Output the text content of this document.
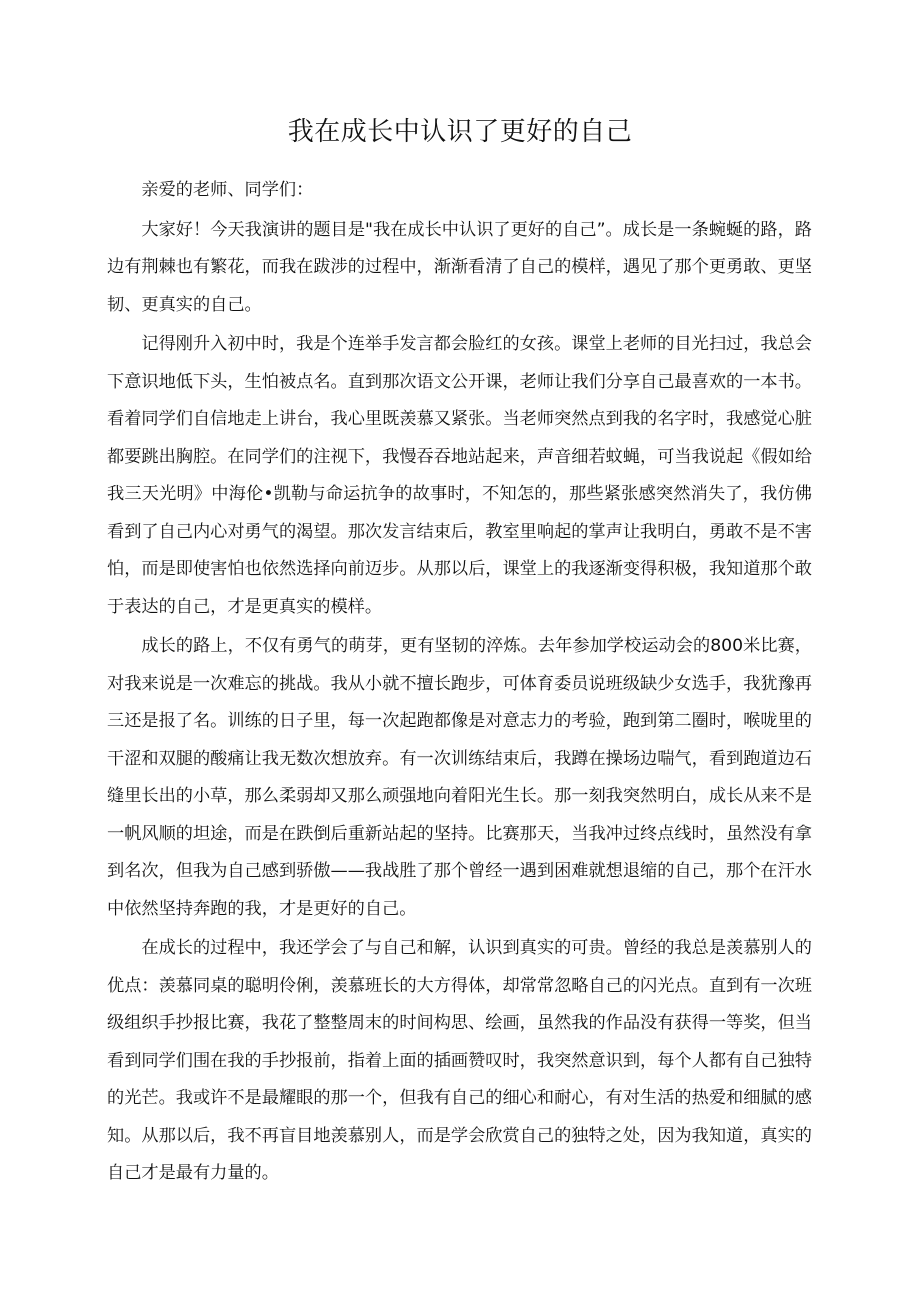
我在成长中认识了更好的自己

亲爱的老师、同学们：

大家好！今天我演讲的题目是"我在成长中认识了更好的自己”。成长是一条蜿蜒的路，路边有荆棘也有繁花，而我在跋涉的过程中，渐渐看清了自己的模样，遇见了那个更勇敢、更坚韧、更真实的自己。

记得刚升入初中时，我是个连举手发言都会脸红的女孩。课堂上老师的目光扫过，我总会下意识地低下头，生怕被点名。直到那次语文公开课，老师让我们分享自己最喜欢的一本书。看着同学们自信地走上讲台，我心里既羡慕又紧张。当老师突然点到我的名字时，我感觉心脏都要跳出胸腔。在同学们的注视下，我慢吞吞地站起来，声音细若蚊蝇，可当我说起《假如给我三天光明》中海伦•凯勒与命运抗争的故事时，不知怎的，那些紧张感突然消失了，我仿佛看到了自己内心对勇气的渴望。那次发言结束后，教室里响起的掌声让我明白，勇敢不是不害怕，而是即使害怕也依然选择向前迈步。从那以后，课堂上的我逐渐变得积极，我知道那个敢于表达的自己，才是更真实的模样。

成长的路上，不仅有勇气的萌芽，更有坚韧的淬炼。去年参加学校运动会的800米比赛，对我来说是一次难忘的挑战。我从小就不擅长跑步，可体育委员说班级缺少女选手，我犹豫再三还是报了名。训练的日子里，每一次起跑都像是对意志力的考验，跑到第二圈时，喉咙里的干涩和双腿的酸痛让我无数次想放弃。有一次训练结束后，我蹲在操场边喘气，看到跑道边石缝里长出的小草，那么柔弱却又那么顽强地向着阳光生长。那一刻我突然明白，成长从来不是一帆风顺的坦途，而是在跌倒后重新站起的坚持。比赛那天，当我冲过终点线时，虽然没有拿到名次，但我为自己感到骄傲——我战胜了那个曾经一遇到困难就想退缩的自己，那个在汗水中依然坚持奔跑的我，才是更好的自己。

在成长的过程中，我还学会了与自己和解，认识到真实的可贵。曾经的我总是羡慕别人的优点：羡慕同桌的聪明伶俐，羡慕班长的大方得体，却常常忽略自己的闪光点。直到有一次班级组织手抄报比赛，我花了整整周末的时间构思、绘画，虽然我的作品没有获得一等奖，但当看到同学们围在我的手抄报前，指着上面的插画赞叹时，我突然意识到，每个人都有自己独特的光芒。我或许不是最耀眼的那一个，但我有自己的细心和耐心，有对生活的热爱和细腻的感知。从那以后，我不再盲目地羡慕别人，而是学会欣赏自己的独特之处，因为我知道，真实的自己才是最有力量的。
